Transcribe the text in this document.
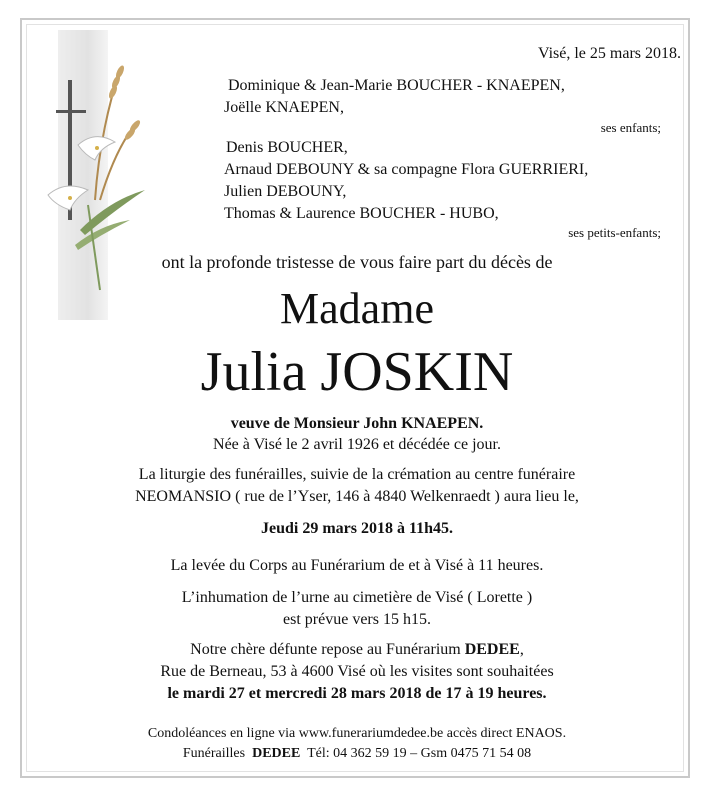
Visé, le 25 mars 2018.
Dominique & Jean-Marie BOUCHER - KNAEPEN,
Joëlle KNAEPEN,
ses enfants;
Denis BOUCHER,
Arnaud DEBOUNY & sa compagne Flora GUERRIERI,
Julien DEBOUNY,
Thomas & Laurence BOUCHER - HUBO,
ses petits-enfants;
ont la profonde tristesse de vous faire part du décès de
Madame
Julia JOSKIN
veuve de Monsieur John KNAEPEN.
Née à Visé le 2 avril 1926 et décédée ce jour.
La liturgie des funérailles, suivie de la crémation au centre funéraire
NEOMANSIO ( rue de l’Yser, 146 à 4840 Welkenraedt ) aura lieu le,
Jeudi 29 mars 2018 à 11h45.
La levée du Corps au Funérarium de et à Visé à 11 heures.
L’inhumation de l’urne au cimetière de Visé ( Lorette )
est prévue vers 15 h15.
Notre chère défunte repose au Funérarium DEDEE,
Rue de Berneau, 53 à 4600 Visé où les visites sont souhaitées
le mardi 27 et mercredi 28 mars 2018 de 17 à 19 heures.
Condoléances en ligne via www.funerariumdedee.be accès direct ENAOS.
Funérailles  DEDEE  Tél: 04 362 59 19 – Gsm 0475 71 54 08
